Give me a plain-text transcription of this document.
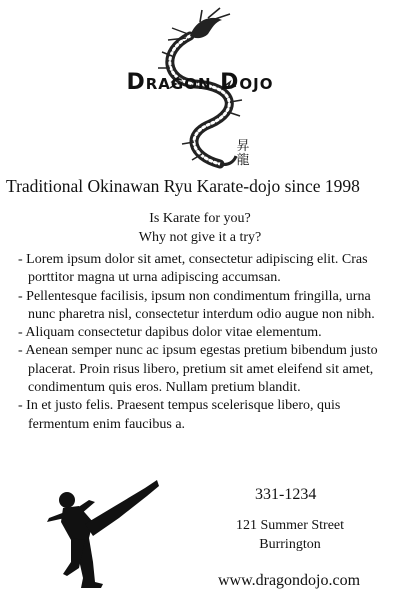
Dragon Dojo
昇
龍
Traditional Okinawan Ryu Karate-dojo since 1998
Is Karate for you?
Why not give it a try?
- Lorem ipsum dolor sit amet, consectetur adipiscing elit. Cras porttitor magna ut urna adipiscing accumsan.
- Pellentesque facilisis, ipsum non condimentum fringilla, urna nunc pharetra nisl, consectetur interdum odio augue non nibh.
- Aliquam consectetur dapibus dolor vitae elementum.
- Aenean semper nunc ac ipsum egestas pretium bibendum justo placerat. Proin risus libero, pretium sit amet eleifend sit amet, condimentum quis eros. Nullam pretium blandit.
- In et justo felis. Praesent tempus scelerisque libero, quis fermentum enim faucibus a.
331-1234
121 Summer Street
Burrington
www.dragondojo.com
